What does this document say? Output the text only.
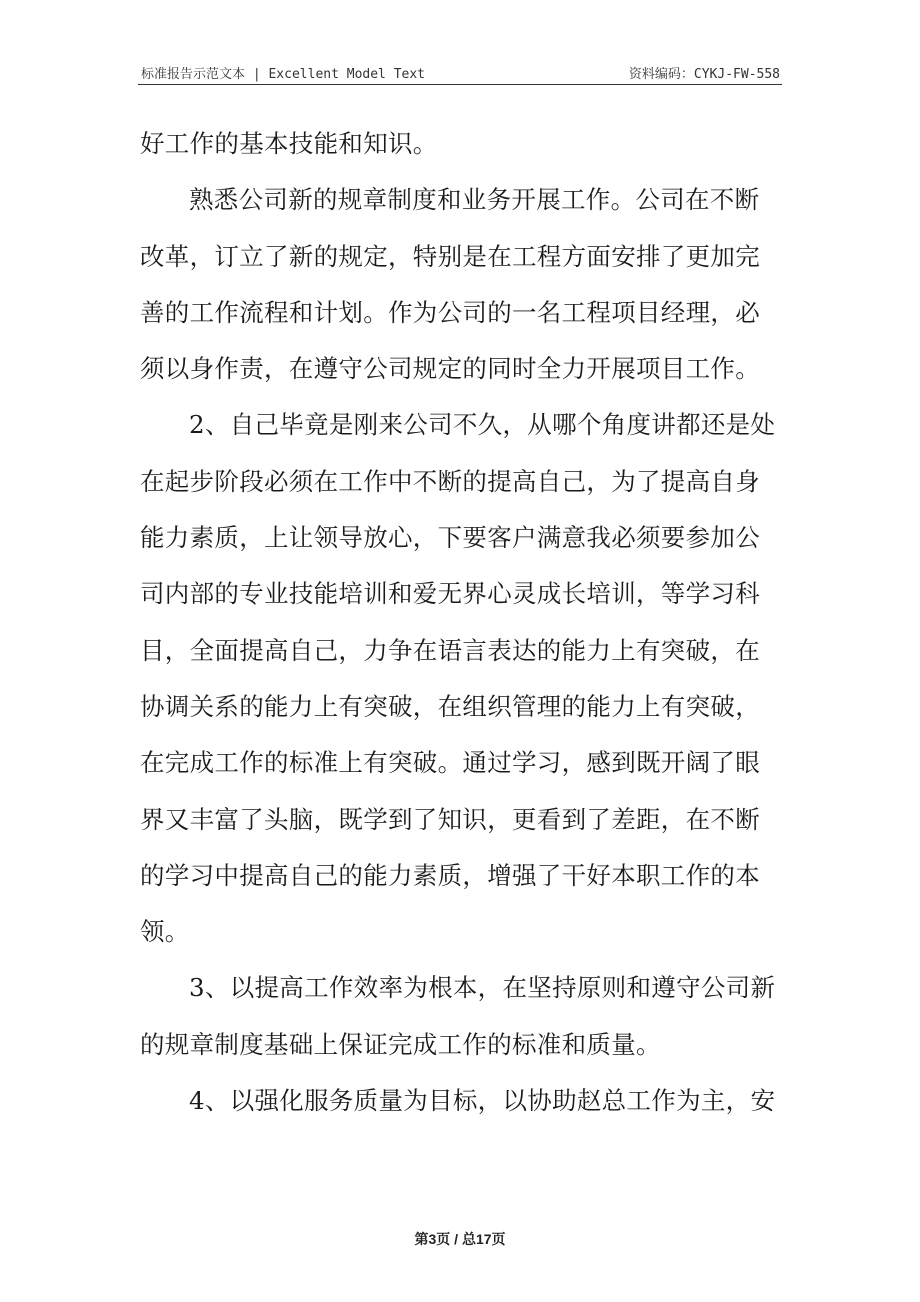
标准报告示范文本 | Excellent Model Text	资料编码：CYKJ-FW-558
好工作的基本技能和知识。
熟悉公司新的规章制度和业务开展工作。公司在不断
改革，订立了新的规定，特别是在工程方面安排了更加完
善的工作流程和计划。作为公司的一名工程项目经理，必
须以身作责，在遵守公司规定的同时全力开展项目工作。
2、自己毕竟是刚来公司不久，从哪个角度讲都还是处
在起步阶段必须在工作中不断的提高自己，为了提高自身
能力素质，上让领导放心，下要客户满意我必须要参加公
司内部的专业技能培训和爱无界心灵成长培训，等学习科
目，全面提高自己，力争在语言表达的能力上有突破，在
协调关系的能力上有突破，在组织管理的能力上有突破，
在完成工作的标准上有突破。通过学习，感到既开阔了眼
界又丰富了头脑，既学到了知识，更看到了差距，在不断
的学习中提高自己的能力素质，增强了干好本职工作的本
领。
3、以提高工作效率为根本，在坚持原则和遵守公司新
的规章制度基础上保证完成工作的标准和质量。
4、以强化服务质量为目标，以协助赵总工作为主，安
第3页 / 总17页
